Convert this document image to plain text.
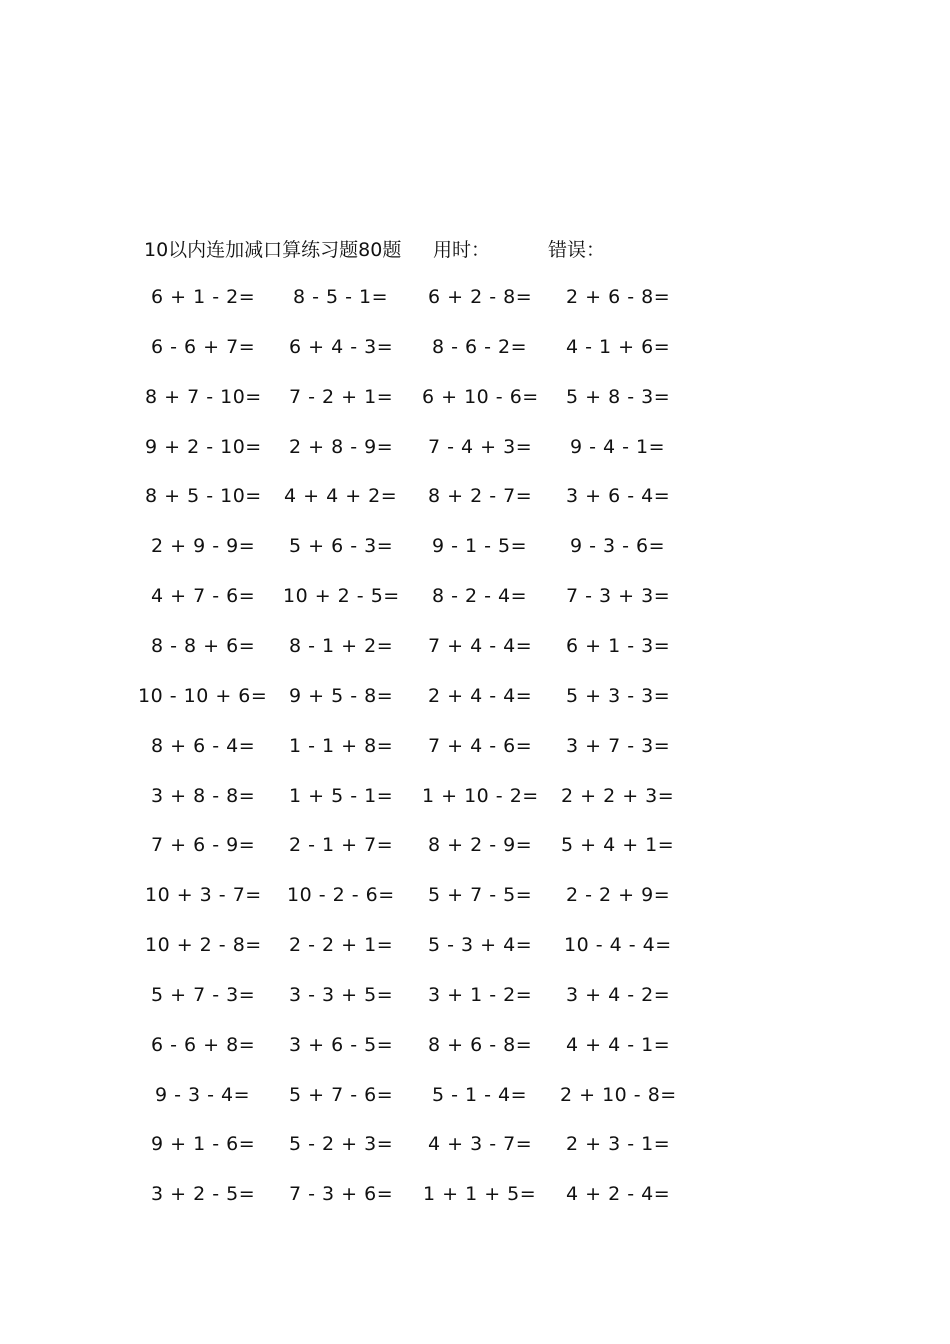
10以内连加减口算练习题80题 用时：	错误：
6 + 1 - 2= 8 - 5 - 1= 6 + 2 - 8= 2 + 6 - 8=
6 - 6 + 7= 6 + 4 - 3= 8 - 6 - 2= 4 - 1 + 6=
8 + 7 - 10= 7 - 2 + 1= 6 + 10 - 6= 5 + 8 - 3=
9 + 2 - 10= 2 + 8 - 9= 7 - 4 + 3= 9 - 4 - 1=
8 + 5 - 10= 4 + 4 + 2= 8 + 2 - 7= 3 + 6 - 4=
2 + 9 - 9= 5 + 6 - 3= 9 - 1 - 5= 9 - 3 - 6=
4 + 7 - 6= 10 + 2 - 5= 8 - 2 - 4= 7 - 3 + 3=
8 - 8 + 6= 8 - 1 + 2= 7 + 4 - 4= 6 + 1 - 3=
10 - 10 + 6= 9 + 5 - 8= 2 + 4 - 4= 5 + 3 - 3=
8 + 6 - 4= 1 - 1 + 8= 7 + 4 - 6= 3 + 7 - 3=
3 + 8 - 8= 1 + 5 - 1= 1 + 10 - 2= 2 + 2 + 3=
7 + 6 - 9= 2 - 1 + 7= 8 + 2 - 9= 5 + 4 + 1=
10 + 3 - 7= 10 - 2 - 6= 5 + 7 - 5= 2 - 2 + 9=
10 + 2 - 8= 2 - 2 + 1= 5 - 3 + 4= 10 - 4 - 4=
5 + 7 - 3= 3 - 3 + 5= 3 + 1 - 2= 3 + 4 - 2=
6 - 6 + 8= 3 + 6 - 5= 8 + 6 - 8= 4 + 4 - 1=
9 - 3 - 4= 5 + 7 - 6= 5 - 1 - 4= 2 + 10 - 8=
9 + 1 - 6= 5 - 2 + 3= 4 + 3 - 7= 2 + 3 - 1=
3 + 2 - 5= 7 - 3 + 6= 1 + 1 + 5= 4 + 2 - 4=
